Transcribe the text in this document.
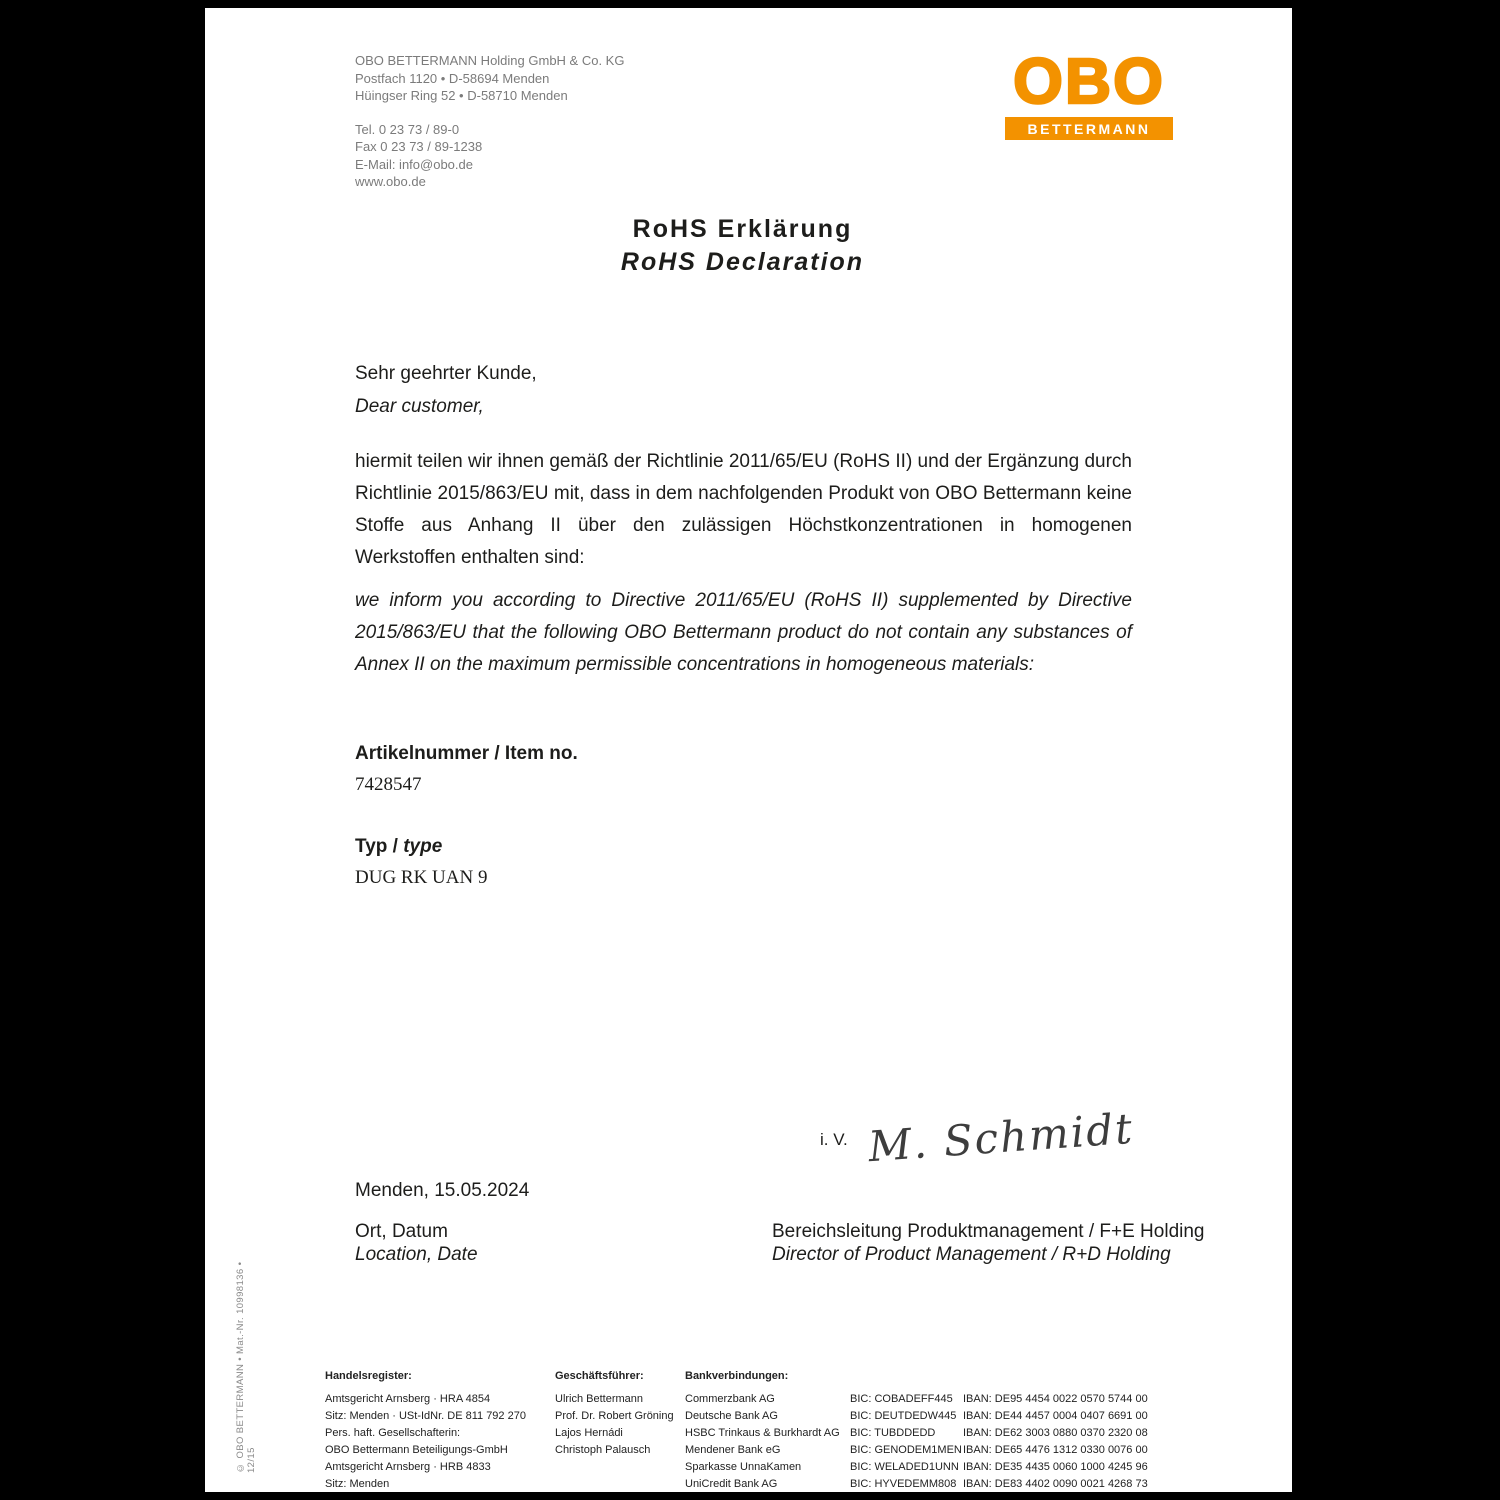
OBO BETTERMANN Holding GmbH & Co. KG
Postfach 1120 • D-58694 Menden
Hüingser Ring 52 • D-58710 Menden
Tel. 0 23 73 / 89-0
Fax 0 23 73 / 89-1238
E-Mail: info@obo.de
www.obo.de
OBO
BETTERMANN
RoHS Erklärung
RoHS Declaration
Sehr geehrter Kunde,
Dear customer,
hiermit teilen wir ihnen gemäß der Richtlinie 2011/65/EU (RoHS II) und der Ergänzung durch Richtlinie 2015/863/EU mit, dass in dem nachfolgenden Produkt von OBO Bettermann keine Stoffe aus Anhang II über den zulässigen Höchstkonzentrationen in homogenen Werkstoffen enthalten sind:
we inform you according to Directive 2011/65/EU (RoHS II) supplemented by Directive 2015/863/EU that the following OBO Bettermann product do not contain any substances of Annex II on the maximum permissible concentrations in homogeneous materials:
Artikelnummer / Item no.
7428547
Typ / type
DUG RK UAN 9
i. V. M. Schmidt
Menden, 15.05.2024
Ort, Datum
Location, Date
Bereichsleitung Produktmanagement / F+E Holding
Director of Product Management / R+D Holding
© OBO BETTERMANN • Mat.-Nr. 10998136 • 12/15
Handelsregister:
Amtsgericht Arnsberg · HRA 4854
Sitz: Menden · USt-IdNr. DE 811 792 270
Pers. haft. Gesellschafterin:
OBO Bettermann Beteiligungs-GmbH
Amtsgericht Arnsberg · HRB 4833
Sitz: Menden
Geschäftsführer:
Ulrich Bettermann
Prof. Dr. Robert Gröning
Lajos Hernádi
Christoph Palausch
Bankverbindungen:
Commerzbank AG	BIC: COBADEFF445 IBAN: DE95 4454 0022 0570 5744 00
Deutsche Bank AG	BIC: DEUTDEDW445 IBAN: DE44 4457 0004 0407 6691 00
HSBC Trinkaus & Burkhardt AG BIC: TUBDDEDD	IBAN: DE62 3003 0880 0370 2320 08
Mendener Bank eG	BIC: GENODEM1MEN IBAN: DE65 4476 1312 0330 0076 00
Sparkasse UnnaKamen	BIC: WELADED1UNN IBAN: DE35 4435 0060 1000 4245 96
UniCredit Bank AG	BIC: HYVEDEMM808 IBAN: DE83 4402 0090 0021 4268 73
